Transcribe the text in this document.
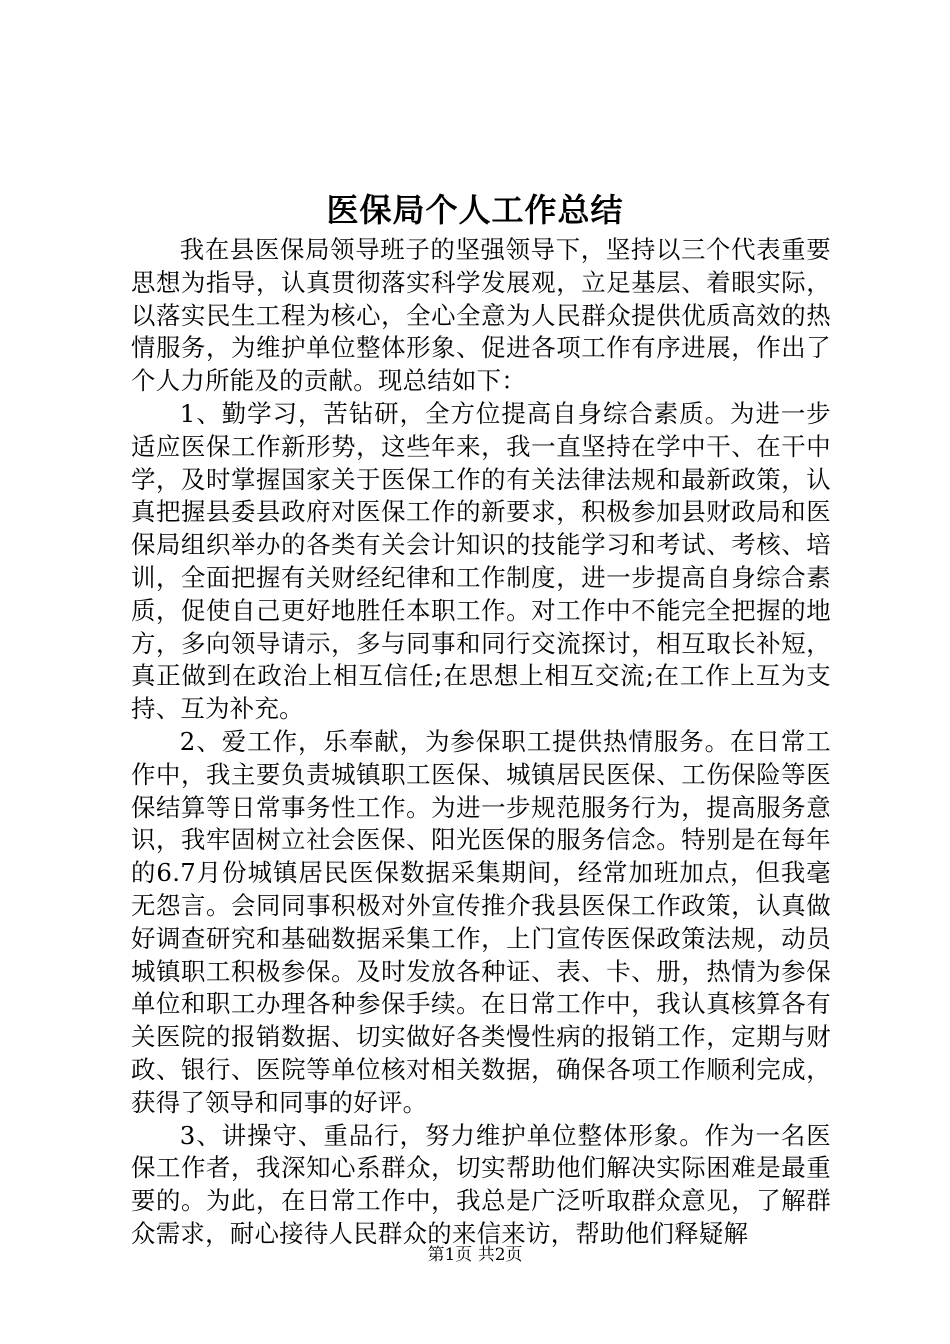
医保局个人工作总结

我在县医保局领导班子的坚强领导下，坚持以三个代表重要思想为指导，认真贯彻落实科学发展观，立足基层、着眼实际，以落实民生工程为核心，全心全意为人民群众提供优质高效的热情服务，为维护单位整体形象、促进各项工作有序进展，作出了个人力所能及的贡献。现总结如下：

1、勤学习，苦钻研，全方位提高自身综合素质。为进一步适应医保工作新形势，这些年来，我一直坚持在学中干、在干中学，及时掌握国家关于医保工作的有关法律法规和最新政策，认真把握县委县政府对医保工作的新要求，积极参加县财政局和医保局组织举办的各类有关会计知识的技能学习和考试、考核、培训，全面把握有关财经纪律和工作制度，进一步提高自身综合素质，促使自己更好地胜任本职工作。对工作中不能完全把握的地方，多向领导请示，多与同事和同行交流探讨，相互取长补短，真正做到在政治上相互信任;在思想上相互交流;在工作上互为支持、互为补充。

2、爱工作，乐奉献，为参保职工提供热情服务。在日常工作中，我主要负责城镇职工医保、城镇居民医保、工伤保险等医保结算等日常事务性工作。为进一步规范服务行为，提高服务意识，我牢固树立社会医保、阳光医保的服务信念。特别是在每年的6.7月份城镇居民医保数据采集期间，经常加班加点，但我毫无怨言。会同同事积极对外宣传推介我县医保工作政策，认真做好调查研究和基础数据采集工作，上门宣传医保政策法规，动员城镇职工积极参保。及时发放各种证、表、卡、册，热情为参保单位和职工办理各种参保手续。在日常工作中，我认真核算各有关医院的报销数据、切实做好各类慢性病的报销工作，定期与财政、银行、医院等单位核对相关数据，确保各项工作顺利完成，获得了领导和同事的好评。

3、讲操守、重品行，努力维护单位整体形象。作为一名医保工作者，我深知心系群众，切实帮助他们解决实际困难是最重要的。为此，在日常工作中，我总是广泛听取群众意见，了解群众需求，耐心接待人民群众的来信来访，帮助他们释疑解

第1页 共2页
